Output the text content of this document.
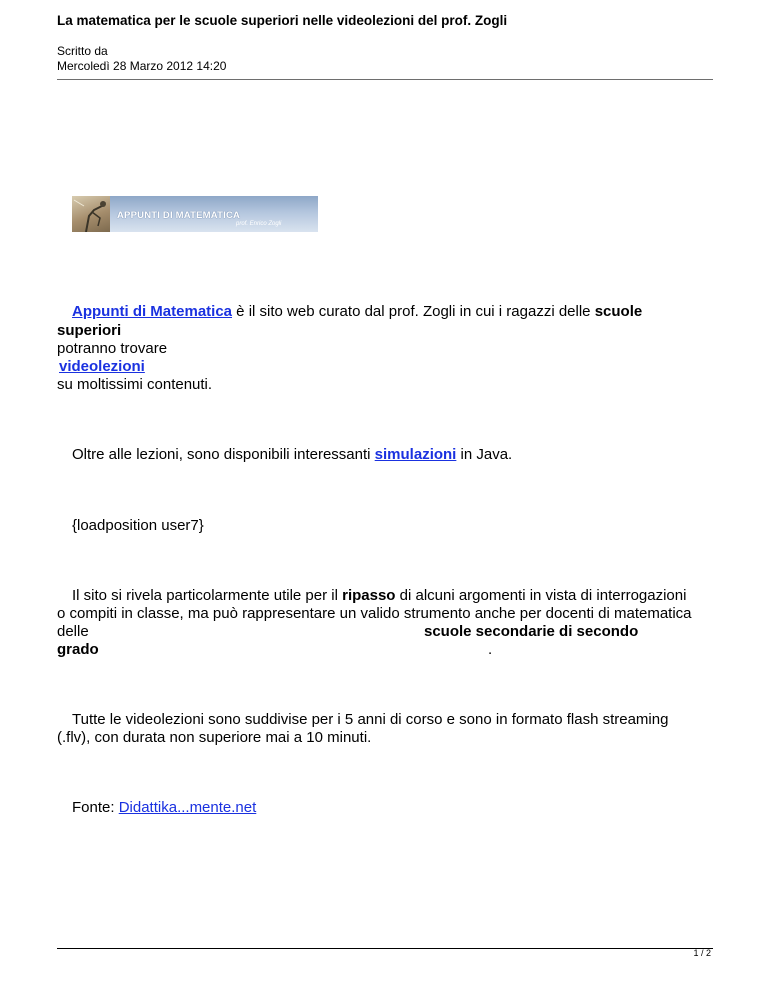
La matematica per le scuole superiori nelle videolezioni del prof. Zogli
Scritto da
Mercoledì 28 Marzo 2012 14:20
APPUNTI DI MATEMATICA
prof. Enrico Zogli
Appunti di Matematica è il sito web curato dal prof. Zogli in cui i ragazzi delle scuole
superiori
potranno trovare
videolezioni
su moltissimi contenuti.
Oltre alle lezioni, sono disponibili interessanti simulazioni in Java.
{loadposition user7}
Il sito si rivela particolarmente utile per il ripasso di alcuni argomenti in vista di interrogazioni
o compiti in classe, ma può rappresentare un valido strumento anche per docenti di matematica
delle	scuole secondarie di secondo
grado	.
Tutte le videolezioni sono suddivise per i 5 anni di corso e sono in formato flash streaming
(.flv), con durata non superiore mai a 10 minuti.
Fonte: Didattika...mente.net
1 / 2
